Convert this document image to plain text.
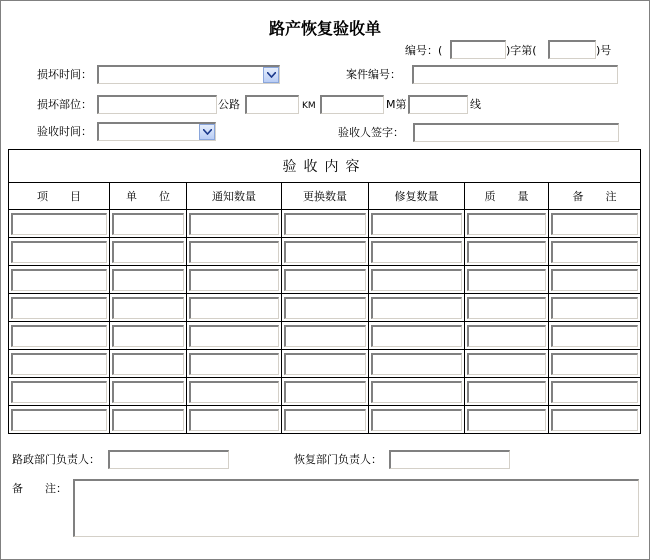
路产恢复验收单
编号：(	)字第(	)号
损坏时间：	案件编号：
损坏部位：	公路	KM	M第	线
验收时间：	验收人签字：
验收内容						
项　　目	单　　位	通知数量	更换数量	修复数量	质　　量	备　　注

路政部门负责人：	恢复部门负责人：
备　　注：
